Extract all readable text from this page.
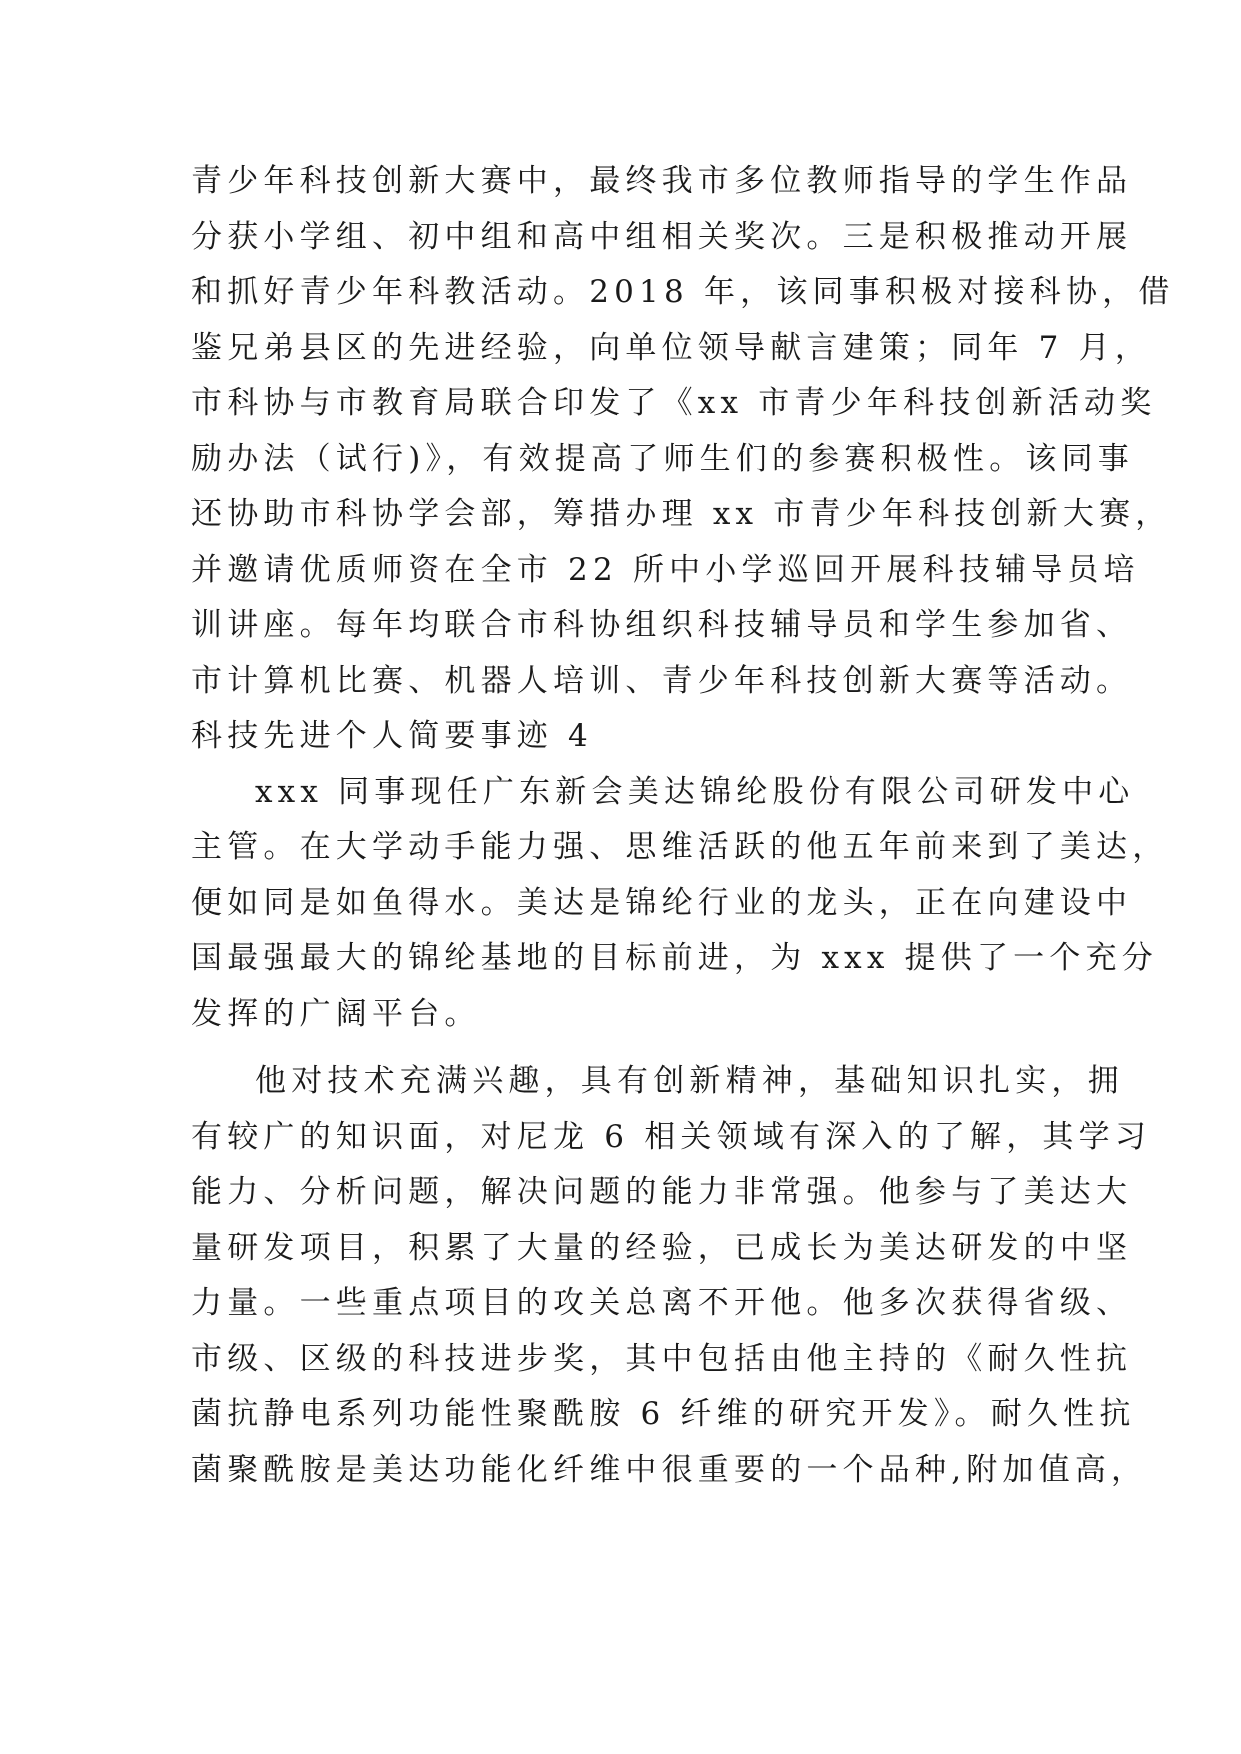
青少年科技创新大赛中，最终我市多位教师指导的学生作品
分获小学组、初中组和高中组相关奖次。三是积极推动开展
和抓好青少年科教活动。2018 年，该同事积极对接科协，借
鉴兄弟县区的先进经验，向单位领导献言建策；同年 7 月，
市科协与市教育局联合印发了《xx 市青少年科技创新活动奖
励办法（试行)》，有效提高了师生们的参赛积极性。该同事
还协助市科协学会部，筹措办理 xx 市青少年科技创新大赛，
并邀请优质师资在全市 22 所中小学巡回开展科技辅导员培
训讲座。每年均联合市科协组织科技辅导员和学生参加省、
市计算机比赛、机器人培训、青少年科技创新大赛等活动。
科技先进个人简要事迹 4
xxx 同事现任广东新会美达锦纶股份有限公司研发中心
主管。在大学动手能力强、思维活跃的他五年前来到了美达，
便如同是如鱼得水。美达是锦纶行业的龙头，正在向建设中
国最强最大的锦纶基地的目标前进，为 xxx 提供了一个充分
发挥的广阔平台。
他对技术充满兴趣，具有创新精神，基础知识扎实，拥
有较广的知识面，对尼龙 6 相关领域有深入的了解，其学习
能力、分析问题，解决问题的能力非常强。他参与了美达大
量研发项目，积累了大量的经验，已成长为美达研发的中坚
力量。一些重点项目的攻关总离不开他。他多次获得省级、
市级、区级的科技进步奖，其中包括由他主持的《耐久性抗
菌抗静电系列功能性聚酰胺 6 纤维的研究开发》。耐久性抗
菌聚酰胺是美达功能化纤维中很重要的一个品种,附加值高，
